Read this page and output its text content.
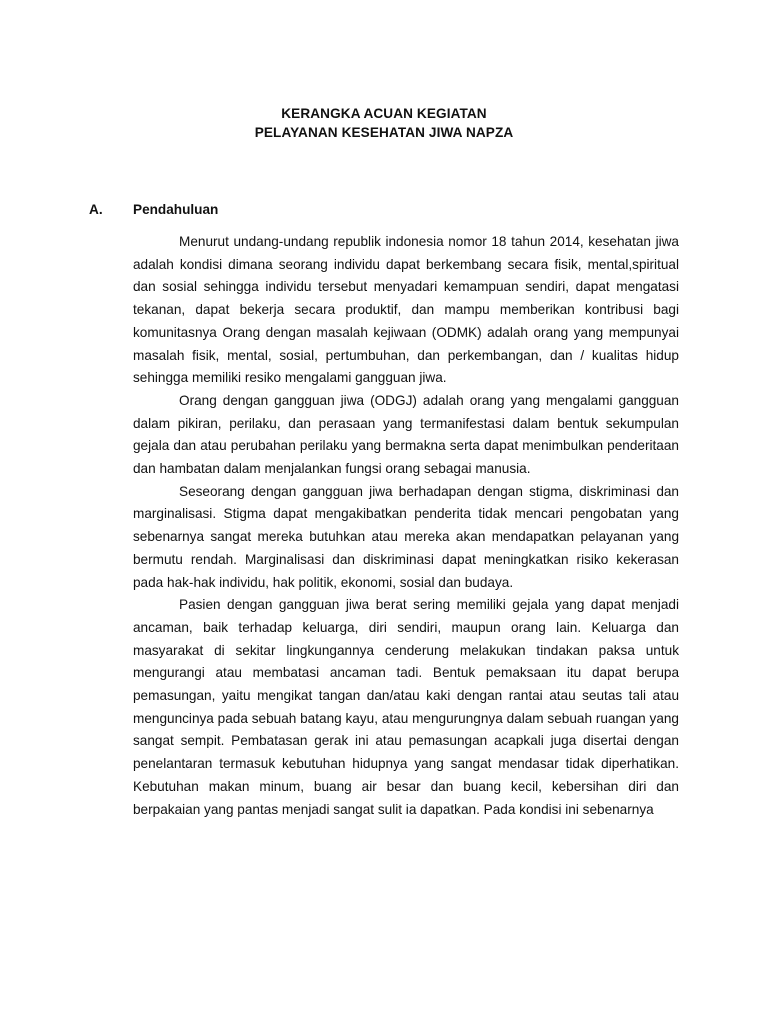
KERANGKA ACUAN KEGIATAN
PELAYANAN KESEHATAN JIWA NAPZA
A.	Pendahuluan

Menurut undang-undang republik indonesia nomor 18 tahun 2014, kesehatan jiwa adalah kondisi dimana seorang individu dapat berkembang secara fisik, mental,spiritual dan sosial sehingga individu tersebut menyadari kemampuan sendiri, dapat mengatasi tekanan, dapat bekerja secara produktif, dan mampu memberikan kontribusi bagi komunitasnya Orang dengan masalah kejiwaan (ODMK) adalah orang yang mempunyai masalah fisik, mental, sosial, pertumbuhan, dan perkembangan, dan / kualitas hidup sehingga memiliki resiko mengalami gangguan jiwa.

Orang dengan gangguan jiwa (ODGJ) adalah orang yang mengalami gangguan dalam pikiran, perilaku, dan perasaan yang termanifestasi dalam bentuk sekumpulan gejala dan atau perubahan perilaku yang bermakna serta dapat menimbulkan penderitaan dan hambatan dalam menjalankan fungsi orang sebagai manusia.

Seseorang dengan gangguan jiwa berhadapan dengan stigma, diskriminasi dan marginalisasi. Stigma dapat mengakibatkan penderita tidak mencari pengobatan yang sebenarnya sangat mereka butuhkan atau mereka akan mendapatkan pelayanan yang bermutu rendah. Marginalisasi dan diskriminasi dapat meningkatkan risiko kekerasan pada hak-hak individu, hak politik, ekonomi, sosial dan budaya.

Pasien dengan gangguan jiwa berat sering memiliki gejala yang dapat menjadi ancaman, baik terhadap keluarga, diri sendiri, maupun orang lain. Keluarga dan masyarakat di sekitar lingkungannya cenderung melakukan tindakan paksa untuk mengurangi atau membatasi ancaman tadi. Bentuk pemaksaan itu dapat berupa pemasungan, yaitu mengikat tangan dan/atau kaki dengan rantai atau seutas tali atau menguncinya pada sebuah batang kayu, atau mengurungnya dalam sebuah ruangan yang sangat sempit. Pembatasan gerak ini atau pemasungan acapkali juga disertai dengan penelantaran termasuk kebutuhan hidupnya yang sangat mendasar tidak diperhatikan. Kebutuhan makan minum, buang air besar dan buang kecil, kebersihan diri dan berpakaian yang pantas menjadi sangat sulit ia dapatkan. Pada kondisi ini sebenarnya
